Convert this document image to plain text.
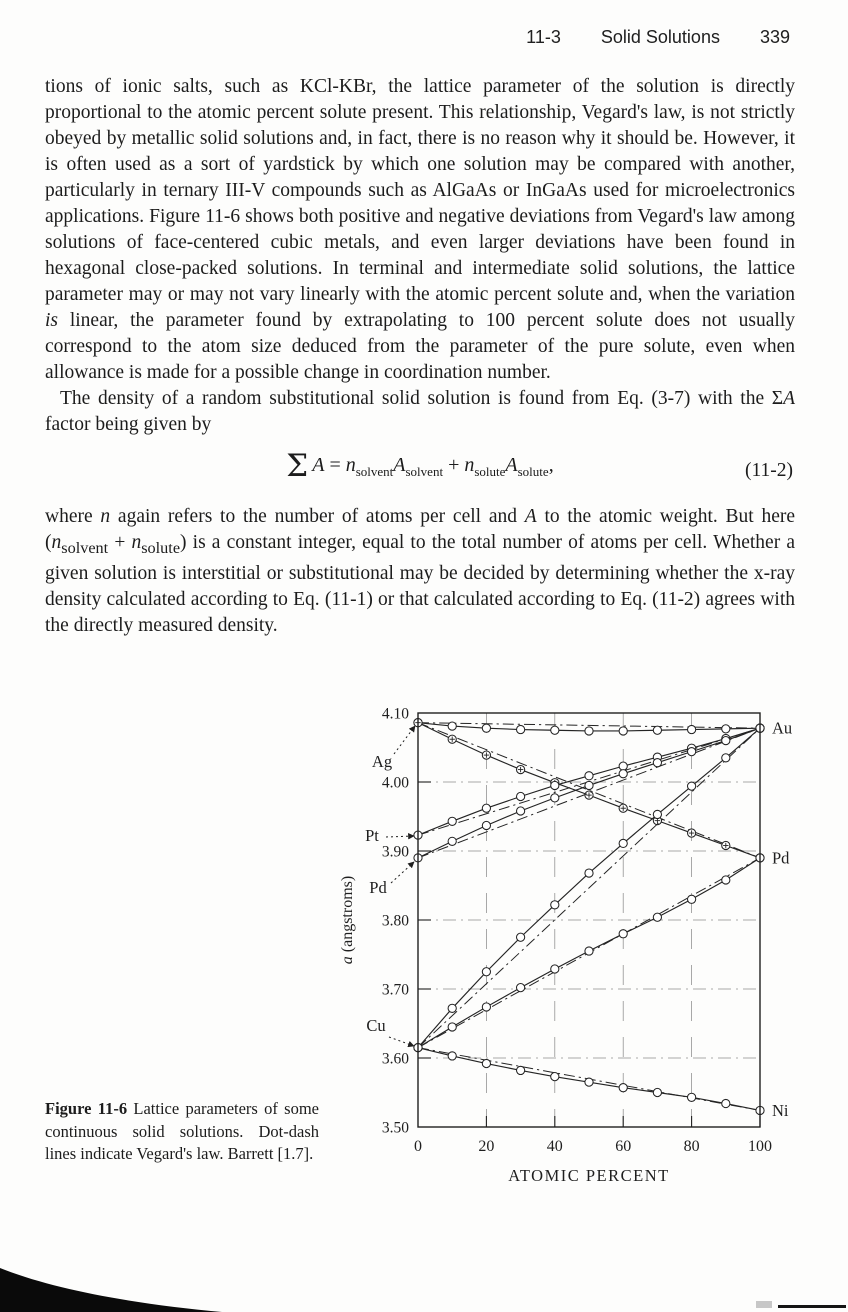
11-3 Solid Solutions 339

tions of ionic salts, such as KCl-KBr, the lattice parameter of the solution is directly proportional to the atomic percent solute present. This relationship, Vegard's law, is not strictly obeyed by metallic solid solutions and, in fact, there is no reason why it should be. However, it is often used as a sort of yardstick by which one solution may be compared with another, particularly in ternary III-V compounds such as AlGaAs or InGaAs used for microelectronics applications. Figure 11-6 shows both positive and negative deviations from Vegard's law among solutions of face-centered cubic metals, and even larger deviations have been found in hexagonal close-packed solutions. In terminal and intermediate solid solutions, the lattice parameter may or may not vary linearly with the atomic percent solute and, when the variation is linear, the parameter found by extrapolating to 100 percent solute does not usually correspond to the atom size deduced from the parameter of the pure solute, even when allowance is made for a possible change in coordination number.

The density of a random substitutional solid solution is found from Eq. (3-7) with the ΣA factor being given by

Σ $A = n_{solvent}A_{solvent} + n_{solute}A_{solute}$,	(11-2)

where n again refers to the number of atoms per cell and A to the atomic weight. But here $(n_{solvent} + n_{solute})$ is a constant integer, equal to the total number of atoms per cell. Whether a given solution is interstitial or substitutional may be decided by determining whether the x-ray density calculated according to Eq. (11-1) or that calculated according to Eq. (11-2) agrees with the directly measured density.

Figure 11-6 Lattice parameters of some continuous solid solutions. Dot-dash lines indicate Vegard's law. Barrett [1.7].
4.10
4.00
3.90
3.80
3.70
3.60
3.50
0	20	40	60	80	100
ATOMIC PERCENT
a (angstroms)
Ag
Pt
Pd
Cu
Au
Pd
Ni
